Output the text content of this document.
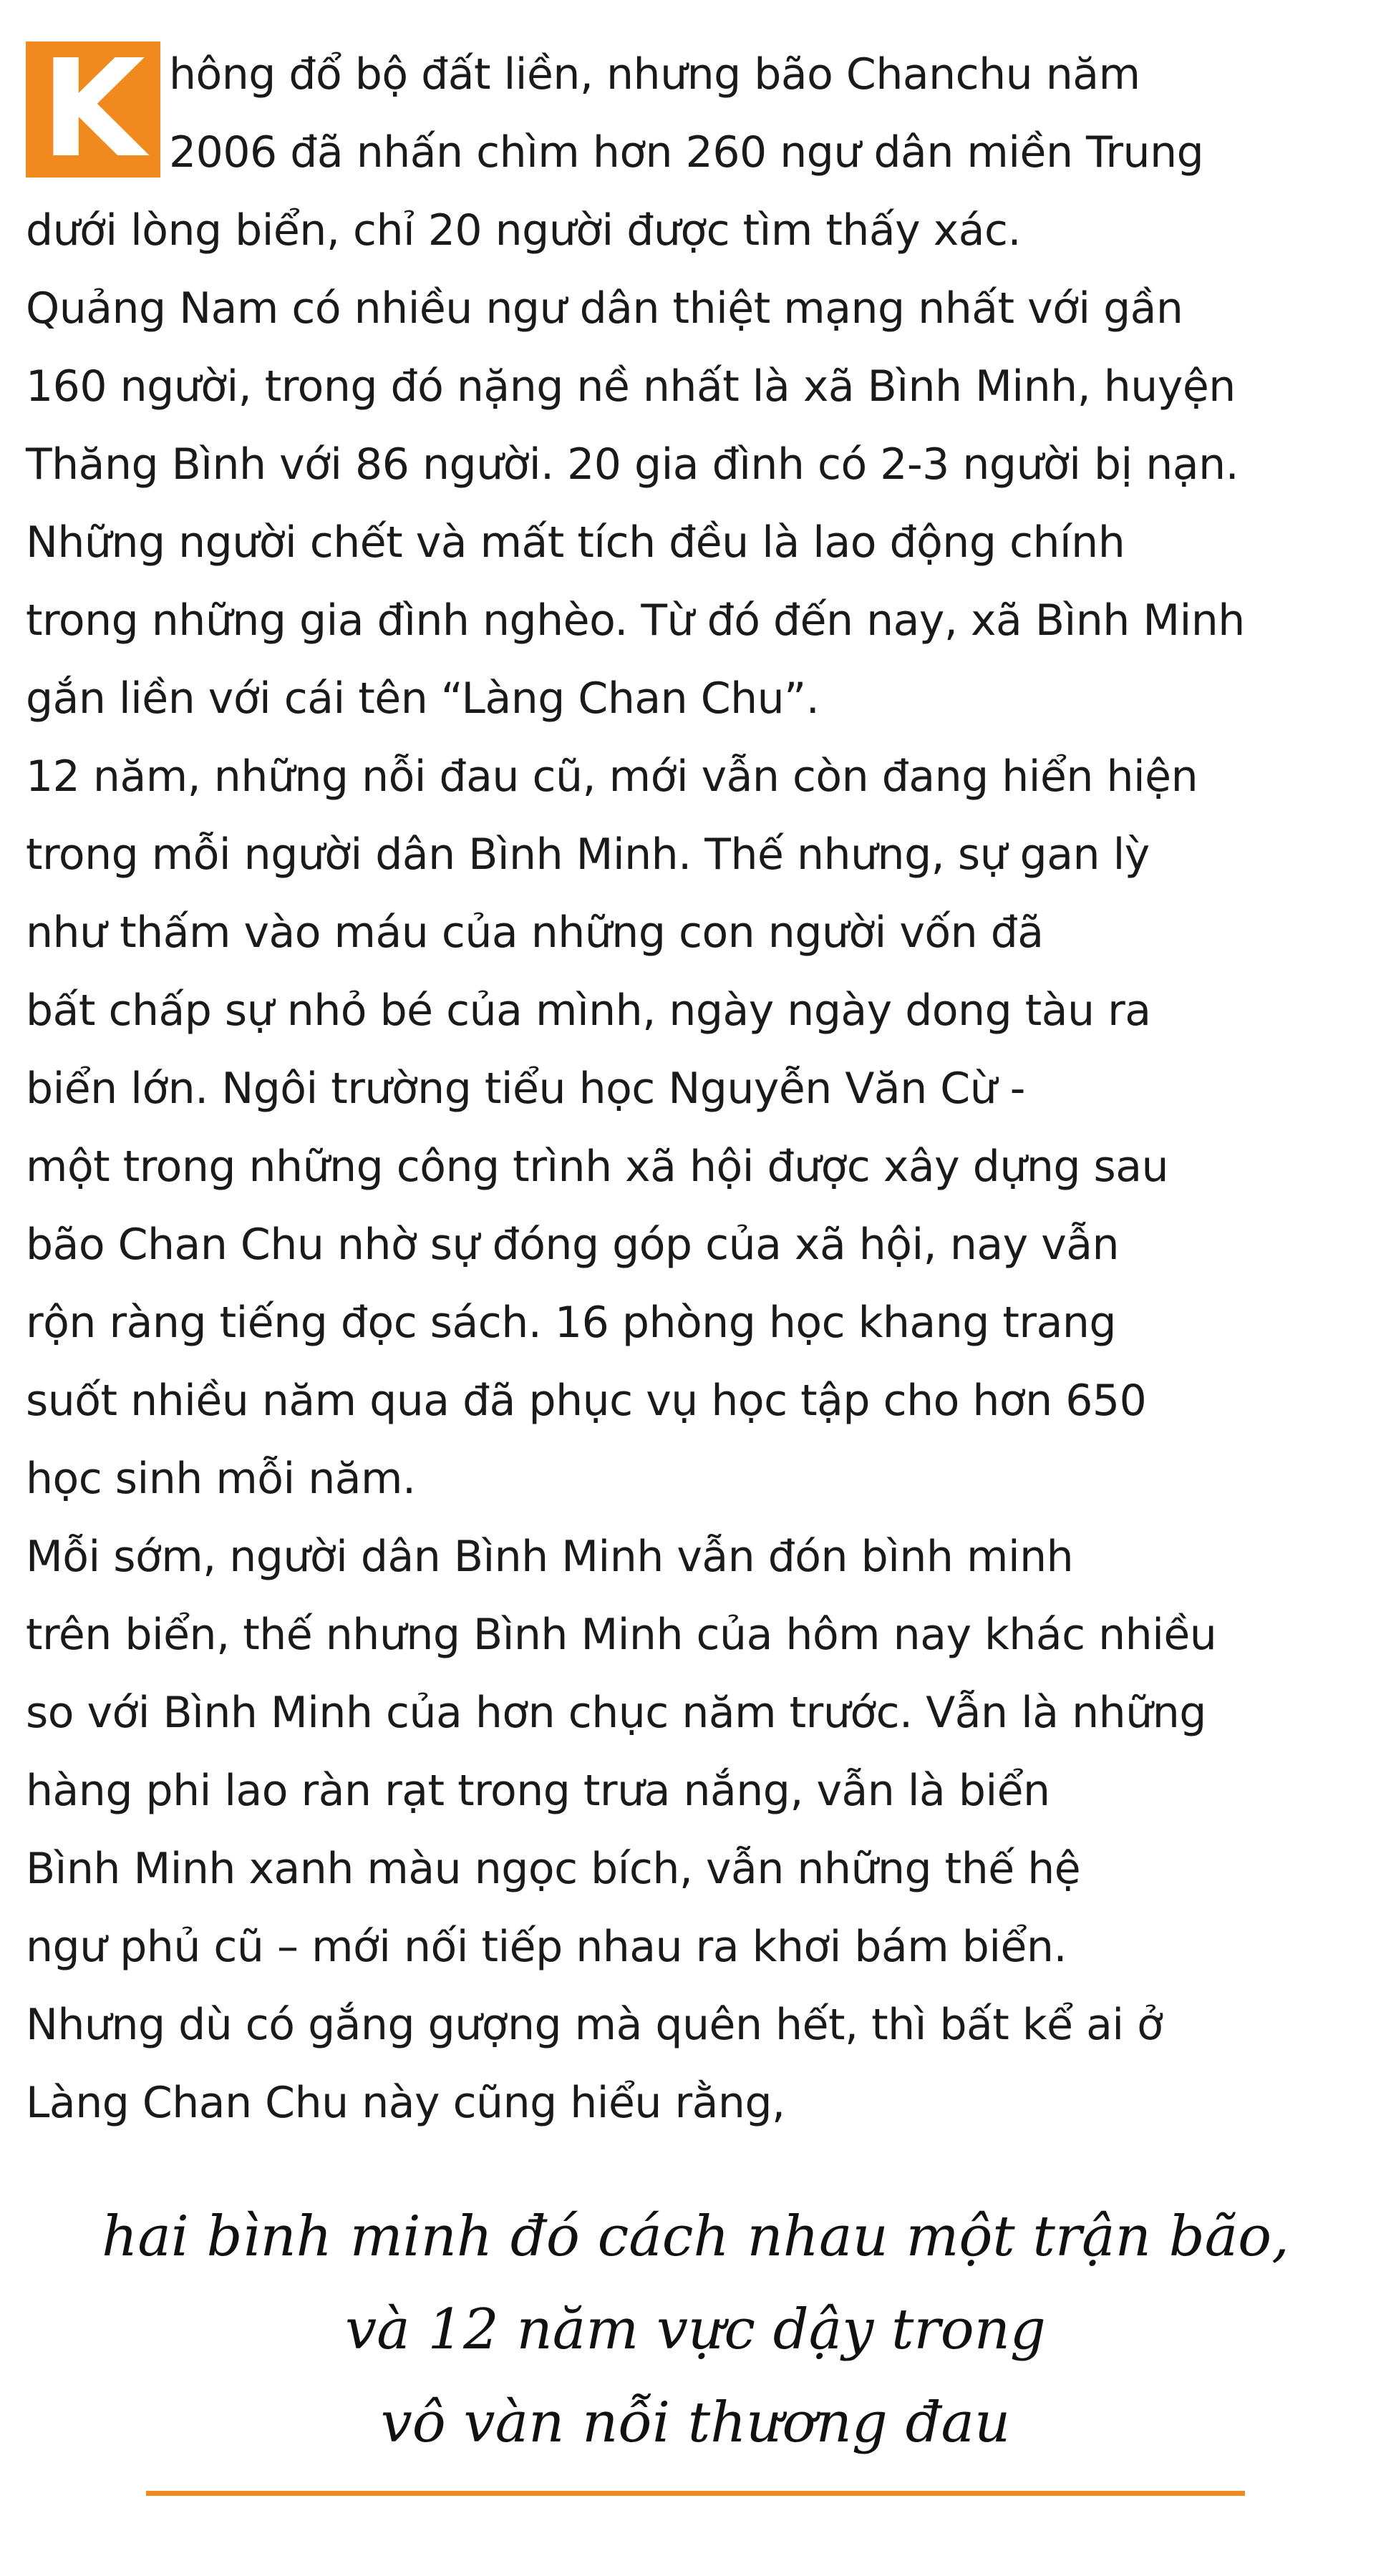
K hông đổ bộ đất liền, nhưng bão Chanchu năm
2006 đã nhấn chìm hơn 260 ngư dân miền Trung
dưới lòng biển, chỉ 20 người được tìm thấy xác.

Quảng Nam có nhiều ngư dân thiệt mạng nhất với gần
160 người, trong đó nặng nề nhất là xã Bình Minh, huyện
Thăng Bình với 86 người. 20 gia đình có 2-3 người bị nạn.
Những người chết và mất tích đều là lao động chính
trong những gia đình nghèo. Từ đó đến nay, xã Bình Minh
gắn liền với cái tên “Làng Chan Chu”.

12 năm, những nỗi đau cũ, mới vẫn còn đang hiển hiện
trong mỗi người dân Bình Minh. Thế nhưng, sự gan lỳ
như thấm vào máu của những con người vốn đã
bất chấp sự nhỏ bé của mình, ngày ngày dong tàu ra
biển lớn. Ngôi trường tiểu học Nguyễn Văn Cừ -
một trong những công trình xã hội được xây dựng sau
bão Chan Chu nhờ sự đóng góp của xã hội, nay vẫn
rộn ràng tiếng đọc sách. 16 phòng học khang trang
suốt nhiều năm qua đã phục vụ học tập cho hơn 650
học sinh mỗi năm.

Mỗi sớm, người dân Bình Minh vẫn đón bình minh
trên biển, thế nhưng Bình Minh của hôm nay khác nhiều
so với Bình Minh của hơn chục năm trước. Vẫn là những
hàng phi lao ràn rạt trong trưa nắng, vẫn là biển
Bình Minh xanh màu ngọc bích, vẫn những thế hệ
ngư phủ cũ – mới nối tiếp nhau ra khơi bám biển.
Nhưng dù có gắng gượng mà quên hết, thì bất kể ai ở
Làng Chan Chu này cũng hiểu rằng,

hai bình minh đó cách nhau một trận bão,
và 12 năm vực dậy trong
vô vàn nỗi thương đau
